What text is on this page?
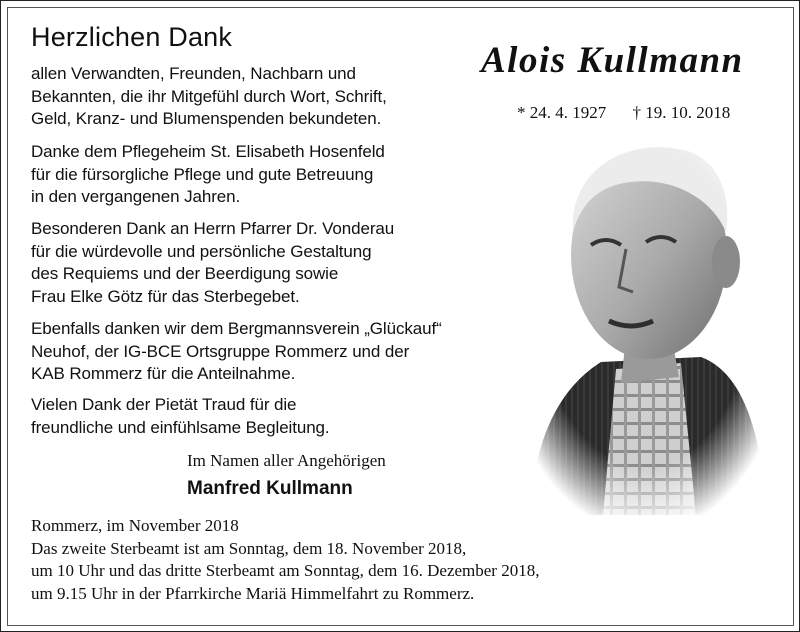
Herzlichen Dank

allen Verwandten, Freunden, Nachbarn und
Bekannten, die ihr Mitgefühl durch Wort, Schrift,
Geld, Kranz- und Blumenspenden bekundeten.

Danke dem Pflegeheim St. Elisabeth Hosenfeld
für die fürsorgliche Pflege und gute Betreuung
in den vergangenen Jahren.

Besonderen Dank an Herrn Pfarrer Dr. Vonderau
für die würdevolle und persönliche Gestaltung
des Requiems und der Beerdigung sowie
Frau Elke Götz für das Sterbegebet.

Ebenfalls danken wir dem Bergmannsverein „Glückauf“
Neuhof, der IG-BCE Ortsgruppe Rommerz und der
KAB Rommerz für die Anteilnahme.

Vielen Dank der Pietät Traud für die
freundliche und einfühlsame Begleitung.

Im Namen aller Angehörigen
Manfred Kullmann

Rommerz, im November 2018
Das zweite Sterbeamt ist am Sonntag, dem 18. November 2018,
um 10 Uhr und das dritte Sterbeamt am Sonntag, dem 16. Dezember 2018,
um 9.15 Uhr in der Pfarrkirche Mariä Himmelfahrt zu Rommerz.

Alois Kullmann
* 24. 4. 1927 † 19. 10. 2018
